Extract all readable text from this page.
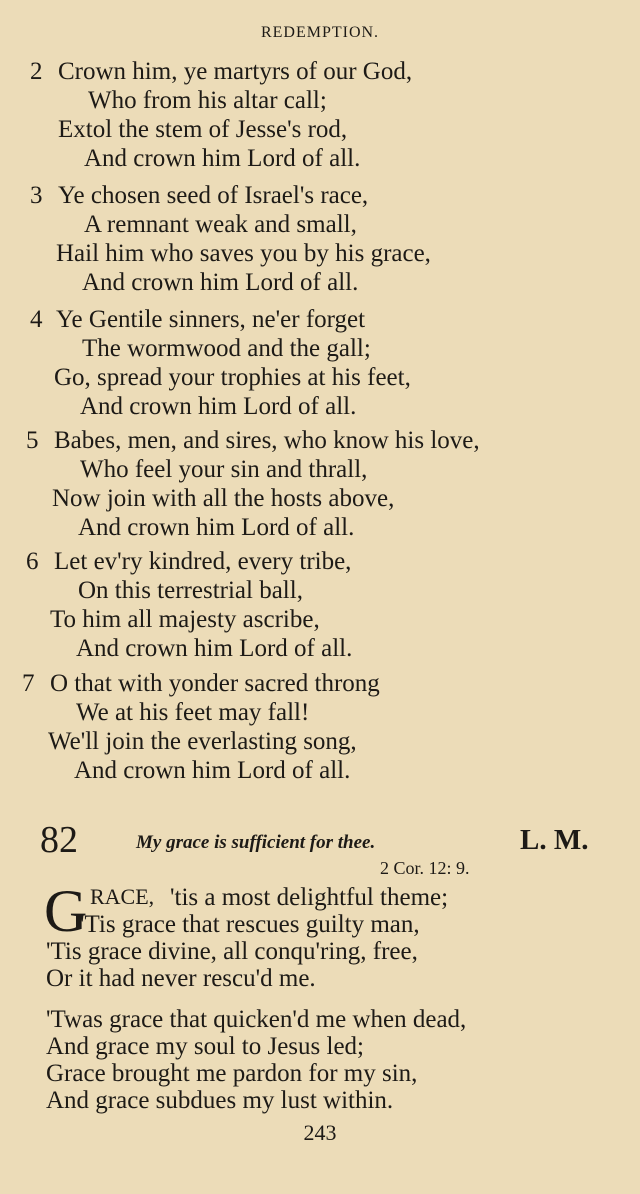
REDEMPTION.
2 Crown him, ye martyrs of our God,
Who from his altar call;
Extol the stem of Jesse's rod,
And crown him Lord of all.
3 Ye chosen seed of Israel's race,
A remnant weak and small,
Hail him who saves you by his grace,
And crown him Lord of all.
4 Ye Gentile sinners, ne'er forget
The wormwood and the gall;
Go, spread your trophies at his feet,
And crown him Lord of all.
5 Babes, men, and sires, who know his love,
Who feel your sin and thrall,
Now join with all the hosts above,
And crown him Lord of all.
6 Let ev'ry kindred, every tribe,
On this terrestrial ball,
To him all majesty ascribe,
And crown him Lord of all.
7 O that with yonder sacred throng
We at his feet may fall!
We'll join the everlasting song,
And crown him Lord of all.
82	My grace is sufficient for thee.	L. M.
2 Cor. 12: 9.
G RACE, 'tis a most delightful theme;
'Tis grace that rescues guilty man,
'Tis grace divine, all conqu'ring, free,
Or it had never rescu'd me.
'Twas grace that quicken'd me when dead,
And grace my soul to Jesus led;
Grace brought me pardon for my sin,
And grace subdues my lust within.
243
